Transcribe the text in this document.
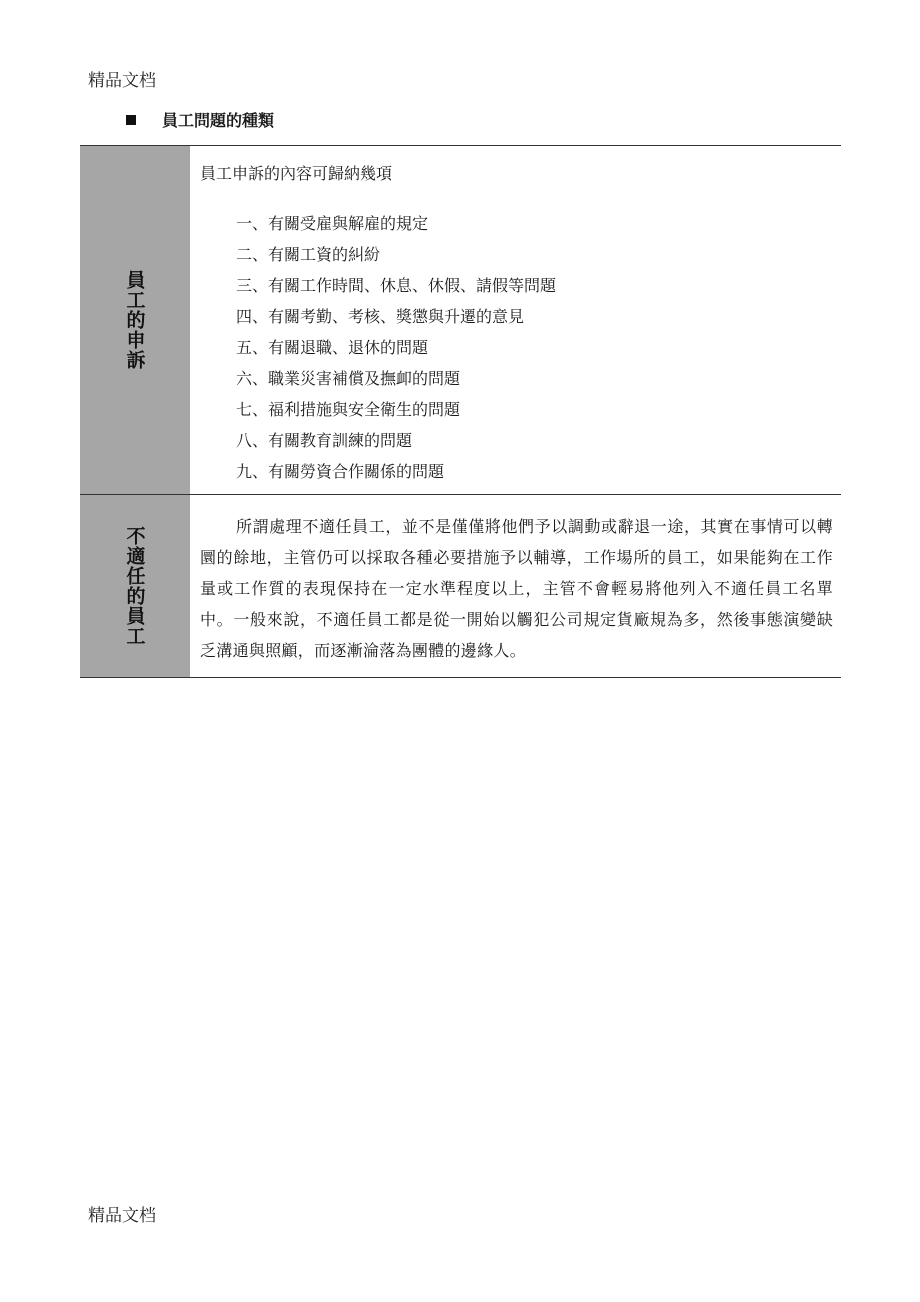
精品文档
員工問題的種類
員工的申訴
員工申訴的內容可歸納幾項
一、有關受雇與解雇的規定
二、有關工資的糾紛
三、有關工作時間、休息、休假、請假等問題
四、有關考勤、考核、獎懲與升遷的意見
五、有關退職、退休的問題
六、職業災害補償及撫卹的問題
七、福利措施與安全衛生的問題
八、有關教育訓練的問題
九、有關勞資合作關係的問題
不適任的員工	所謂處理不適任員工，並不是僅僅將他們予以調動或辭退一途，其實在事情可以轉圜的餘地，主管仍可以採取各種必要措施予以輔導，工作場所的員工，如果能夠在工作量或工作質的表現保持在一定水準程度以上，主管不會輕易將他列入不適任員工名單中。一般來說，不適任員工都是從一開始以觸犯公司規定貨廠規為多，然後事態演變缺乏溝通與照顧，而逐漸淪落為團體的邊緣人。
精品文档
